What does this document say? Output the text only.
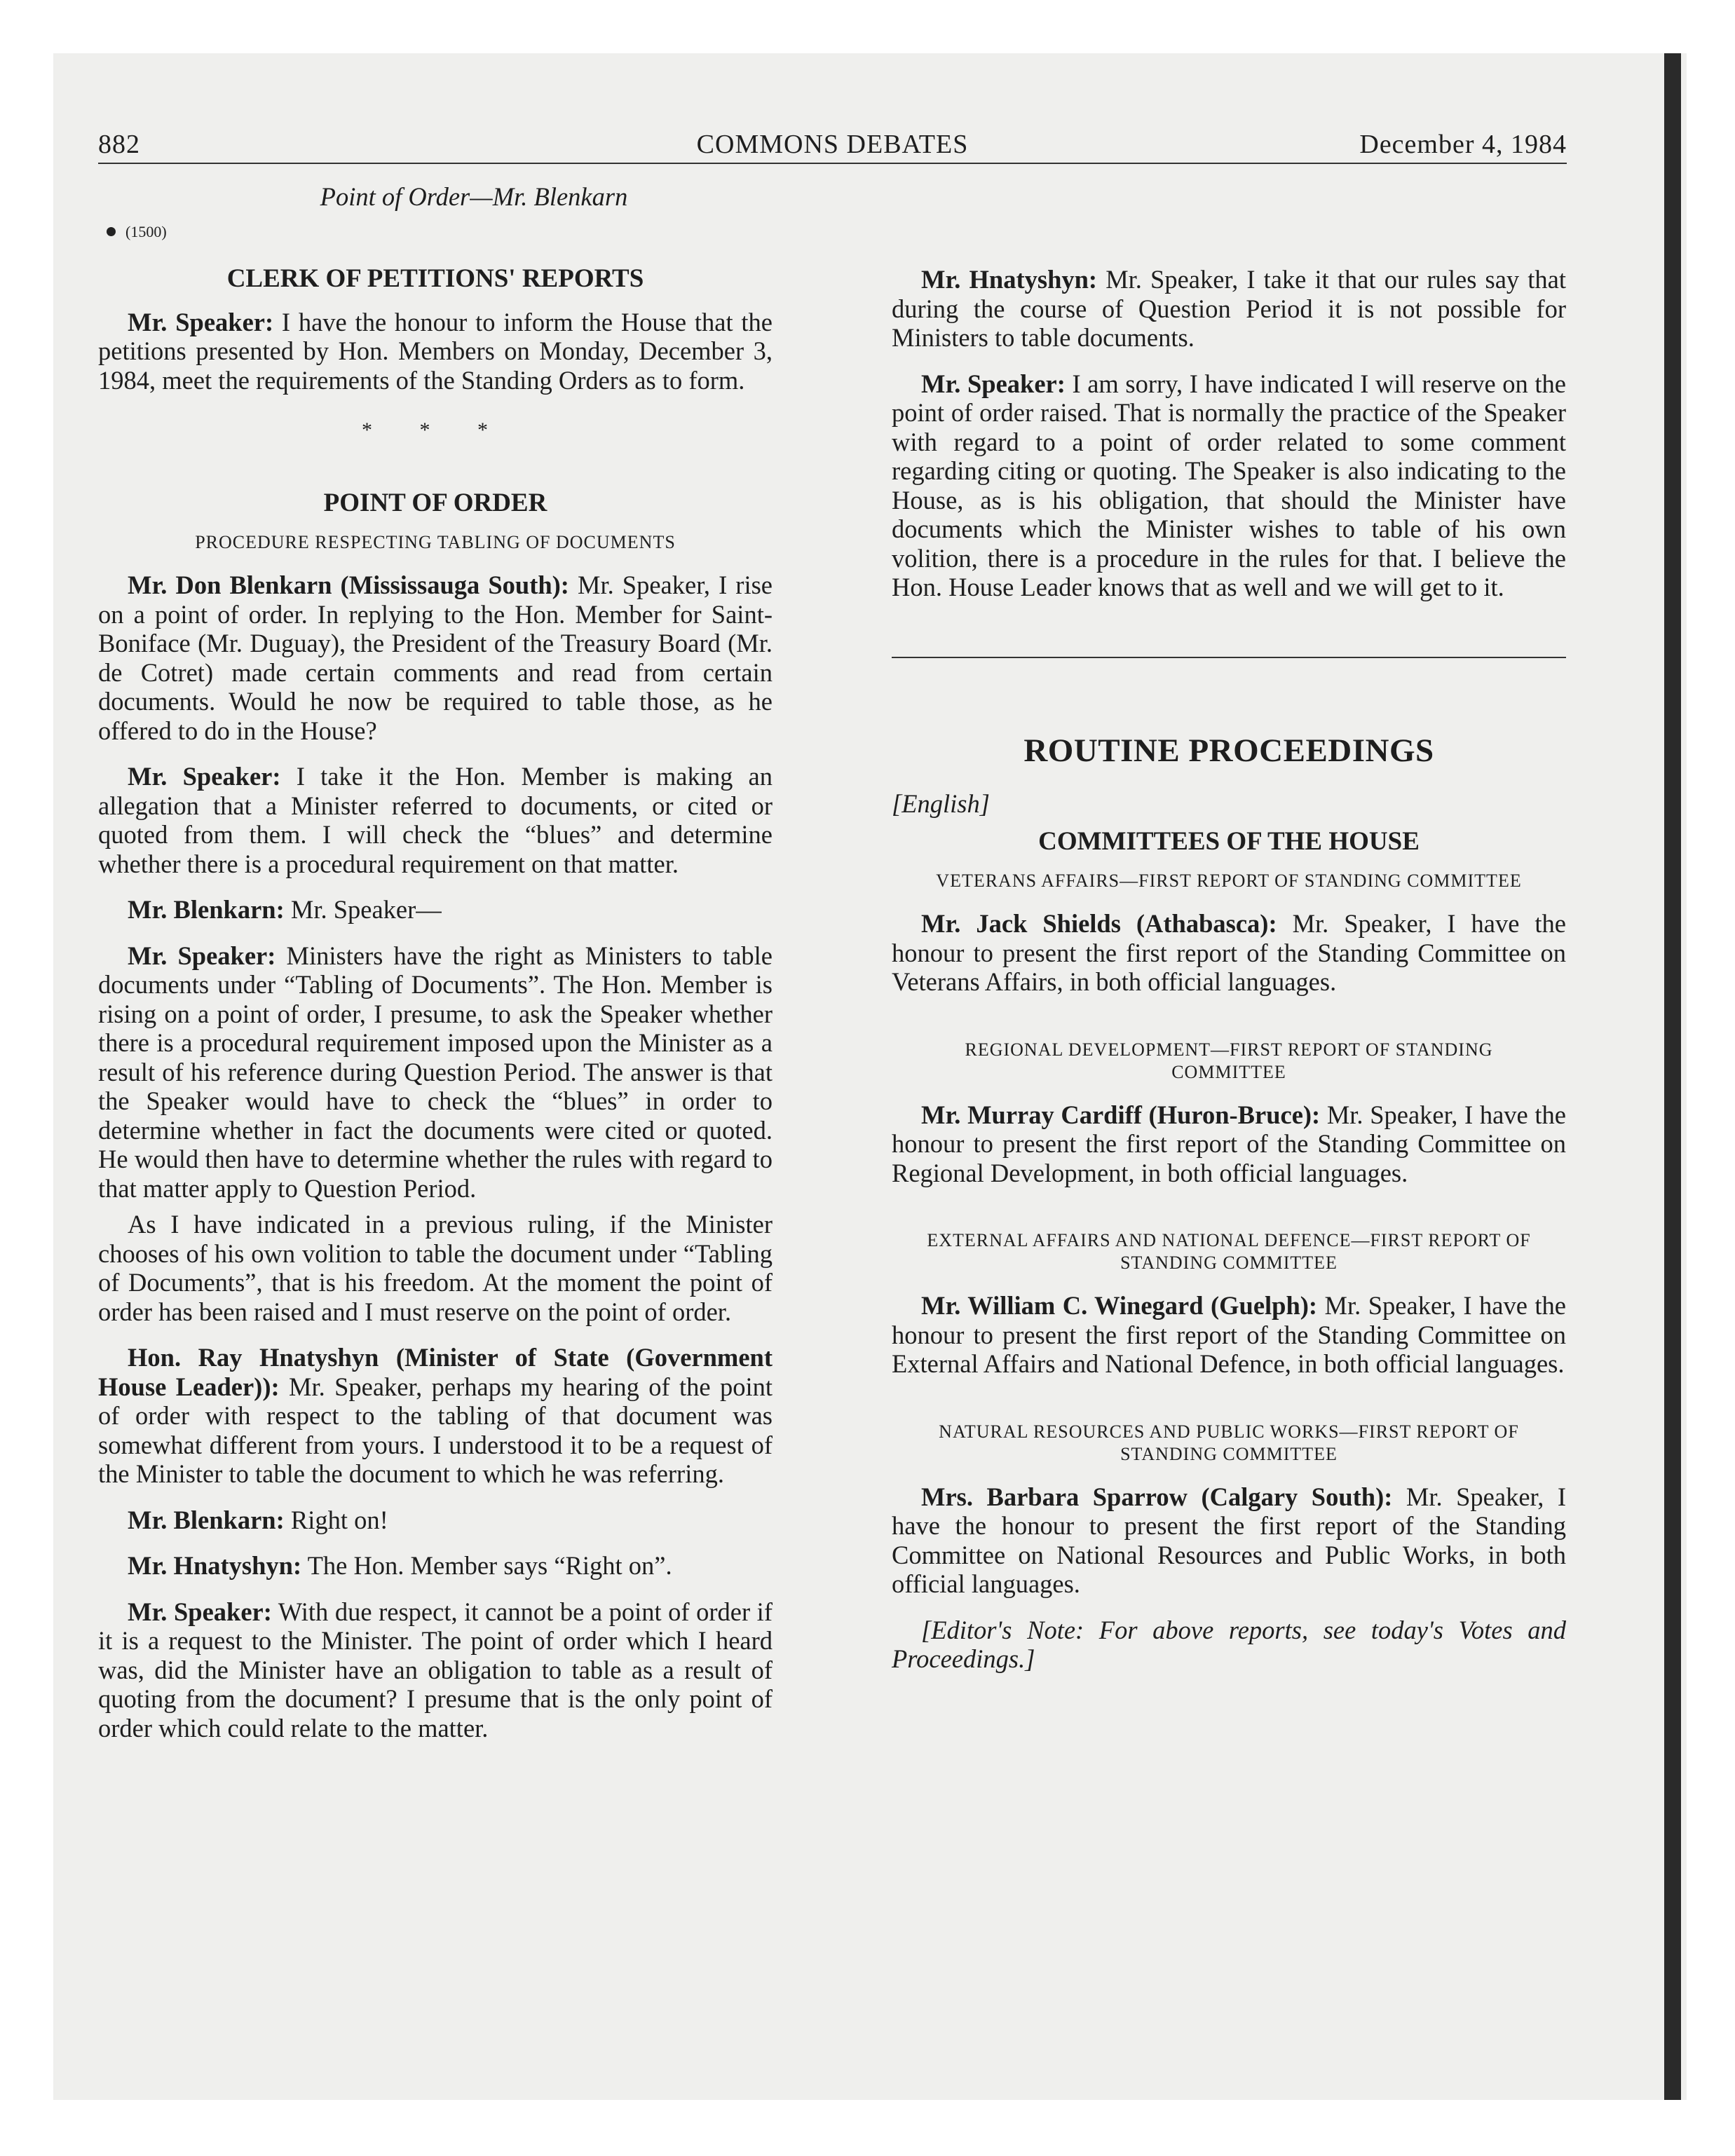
COMMONS DEBATES
882	December 4, 1984
Point of Order—Mr. Blenkarn
(1500)
CLERK OF PETITIONS' REPORTS

Mr. Speaker: I have the honour to inform the House that the petitions presented by Hon. Members on Monday, December 3, 1984, meet the requirements of the Standing Orders as to form.

* * *
POINT OF ORDER
PROCEDURE RESPECTING TABLING OF DOCUMENTS

Mr. Don Blenkarn (Mississauga South): Mr. Speaker, I rise on a point of order. In replying to the Hon. Member for Saint-Boniface (Mr. Duguay), the President of the Treasury Board (Mr. de Cotret) made certain comments and read from certain documents. Would he now be required to table those, as he offered to do in the House?

Mr. Speaker: I take it the Hon. Member is making an allegation that a Minister referred to documents, or cited or quoted from them. I will check the “blues” and determine whether there is a procedural requirement on that matter.

Mr. Blenkarn: Mr. Speaker—

Mr. Speaker: Ministers have the right as Ministers to table documents under “Tabling of Documents”. The Hon. Member is rising on a point of order, I presume, to ask the Speaker whether there is a procedural requirement imposed upon the Minister as a result of his reference during Question Period. The answer is that the Speaker would have to check the “blues” in order to determine whether in fact the documents were cited or quoted. He would then have to determine whether the rules with regard to that matter apply to Question Period.

As I have indicated in a previous ruling, if the Minister chooses of his own volition to table the document under “Tabling of Documents”, that is his freedom. At the moment the point of order has been raised and I must reserve on the point of order.

Hon. Ray Hnatyshyn (Minister of State (Government House Leader)): Mr. Speaker, perhaps my hearing of the point of order with respect to the tabling of that document was somewhat different from yours. I understood it to be a request of the Minister to table the document to which he was referring.

Mr. Blenkarn: Right on!

Mr. Hnatyshyn: The Hon. Member says “Right on”.

Mr. Speaker: With due respect, it cannot be a point of order if it is a request to the Minister. The point of order which I heard was, did the Minister have an obligation to table as a result of quoting from the document? I presume that is the only point of order which could relate to the matter.

Mr. Hnatyshyn: Mr. Speaker, I take it that our rules say that during the course of Question Period it is not possible for Ministers to table documents.

Mr. Speaker: I am sorry, I have indicated I will reserve on the point of order raised. That is normally the practice of the Speaker with regard to a point of order related to some comment regarding citing or quoting. The Speaker is also indicating to the House, as is his obligation, that should the Minister have documents which the Minister wishes to table of his own volition, there is a procedure in the rules for that. I believe the Hon. House Leader knows that as well and we will get to it.

ROUTINE PROCEEDINGS
[English]
COMMITTEES OF THE HOUSE
VETERANS AFFAIRS—FIRST REPORT OF STANDING COMMITTEE

Mr. Jack Shields (Athabasca): Mr. Speaker, I have the honour to present the first report of the Standing Committee on Veterans Affairs, in both official languages.

REGIONAL DEVELOPMENT—FIRST REPORT OF STANDING COMMITTEE

Mr. Murray Cardiff (Huron-Bruce): Mr. Speaker, I have the honour to present the first report of the Standing Committee on Regional Development, in both official languages.

EXTERNAL AFFAIRS AND NATIONAL DEFENCE—FIRST REPORT OF STANDING COMMITTEE

Mr. William C. Winegard (Guelph): Mr. Speaker, I have the honour to present the first report of the Standing Committee on External Affairs and National Defence, in both official languages.

NATURAL RESOURCES AND PUBLIC WORKS—FIRST REPORT OF STANDING COMMITTEE

Mrs. Barbara Sparrow (Calgary South): Mr. Speaker, I have the honour to present the first report of the Standing Committee on National Resources and Public Works, in both official languages.

[Editor's Note: For above reports, see today's Votes and Proceedings.]
